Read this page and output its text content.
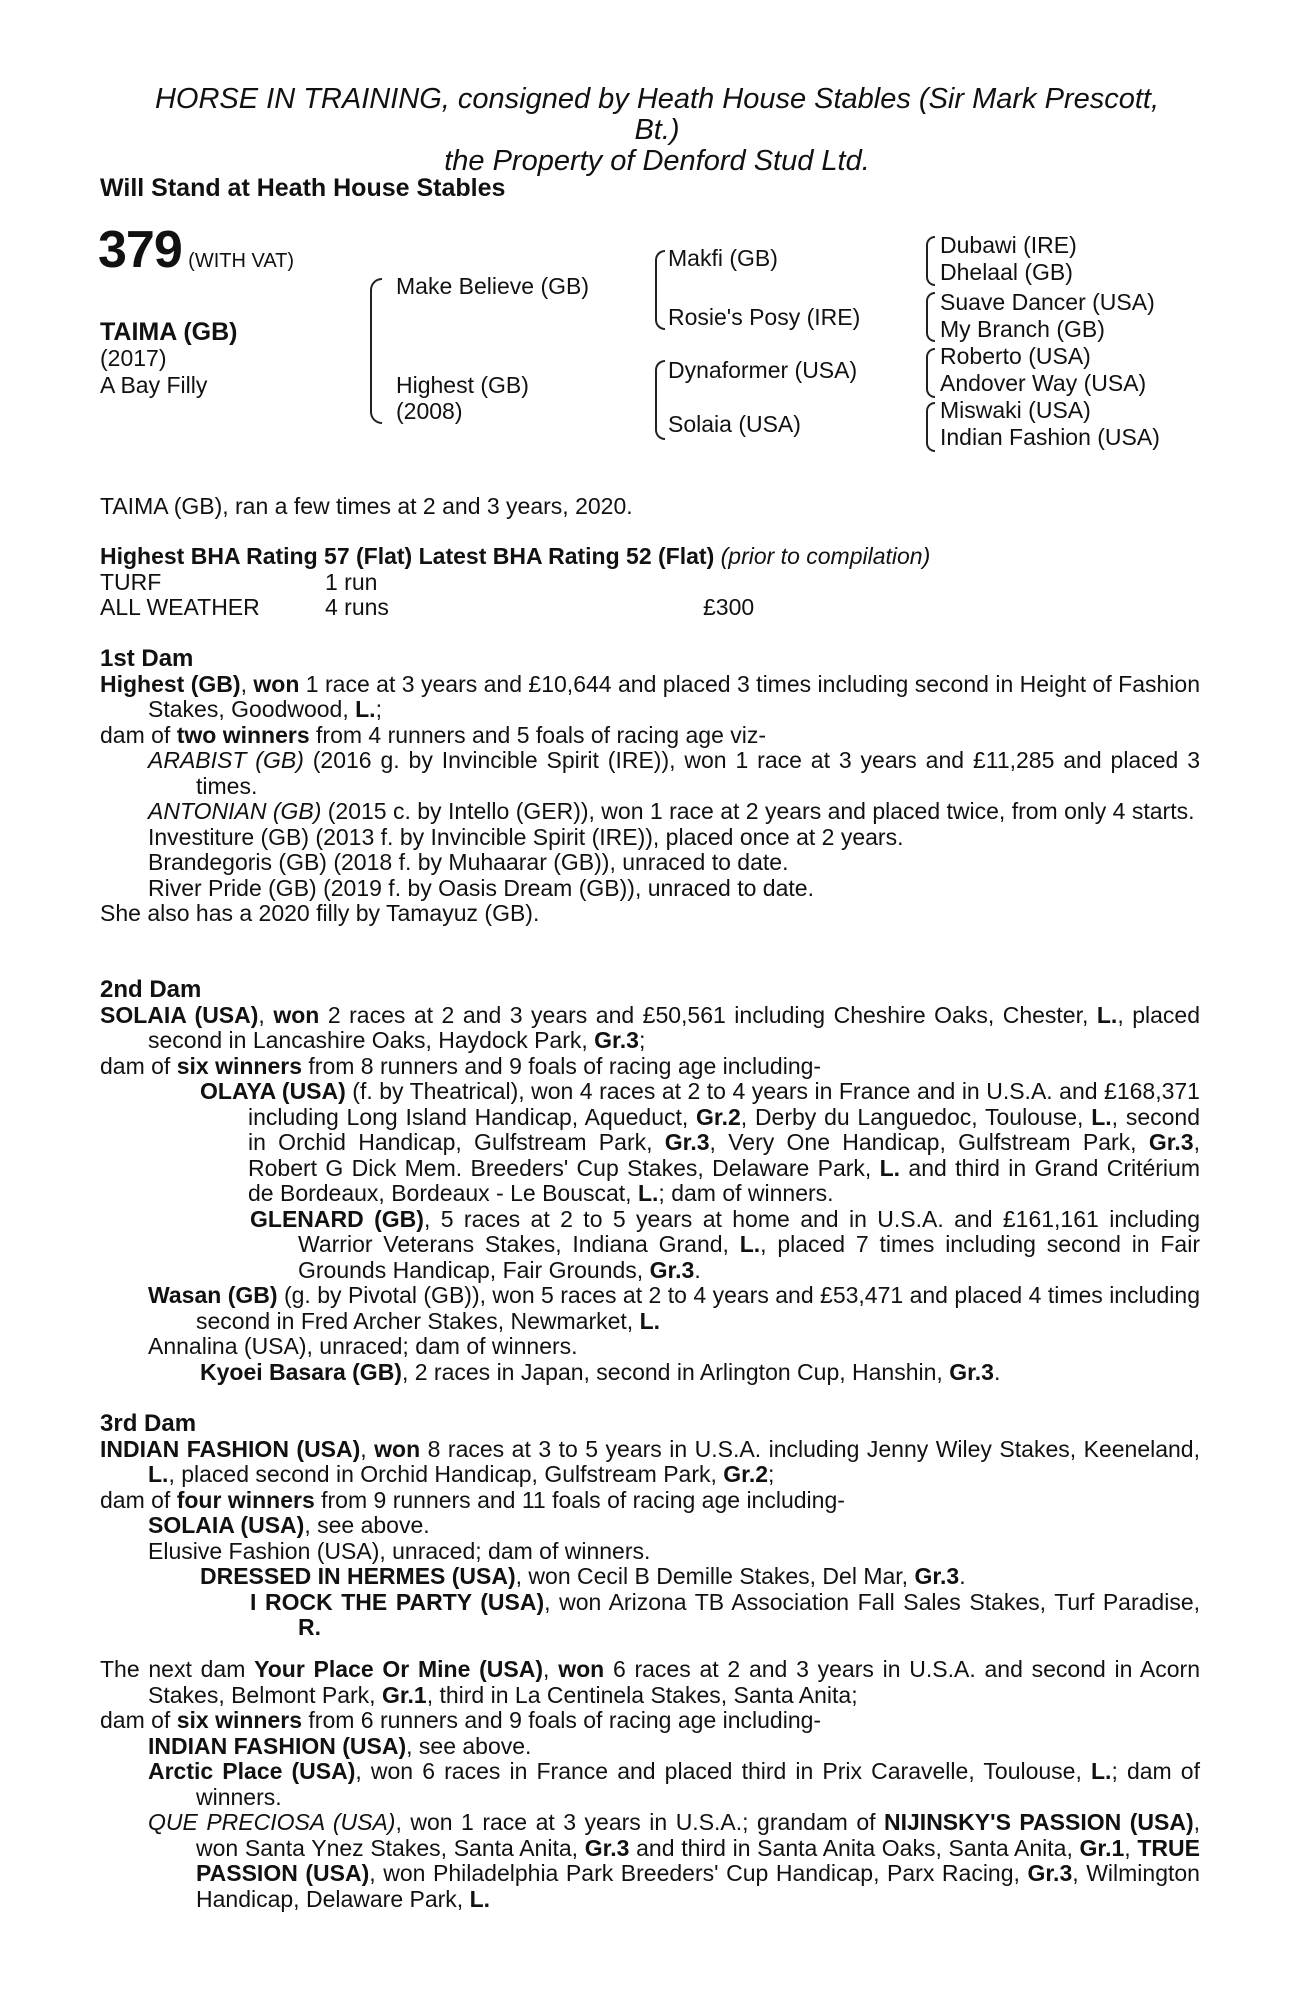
HORSE IN TRAINING, consigned by Heath House Stables (Sir Mark Prescott,
Bt.)
the Property of Denford Stud Ltd.
Will Stand at Heath House Stables
379 (WITH VAT)
TAIMA (GB)
(2017)
A Bay Filly
Make Believe (GB)
Highest (GB)
(2008)
Makfi (GB)
Rosie's Posy (IRE)
Dynaformer (USA)
Solaia (USA)
Dubawi (IRE)
Dhelaal (GB)
Suave Dancer (USA)
My Branch (GB)
Roberto (USA)
Andover Way (USA)
Miswaki (USA)
Indian Fashion (USA)
TAIMA (GB), ran a few times at 2 and 3 years, 2020.
Highest BHA Rating 57 (Flat) Latest BHA Rating 52 (Flat) (prior to compilation)
TURF	1 run
ALL WEATHER	4 runs	£300
1st Dam

Highest (GB), won 1 race at 3 years and £10,644 and placed 3 times including second in Height of Fashion Stakes, Goodwood, L.;

dam of two winners from 4 runners and 5 foals of racing age viz-

ARABIST (GB) (2016 g. by Invincible Spirit (IRE)), won 1 race at 3 years and £11,285 and placed 3 times.

ANTONIAN (GB) (2015 c. by Intello (GER)), won 1 race at 2 years and placed twice, from only 4 starts.

Investiture (GB) (2013 f. by Invincible Spirit (IRE)), placed once at 2 years.

Brandegoris (GB) (2018 f. by Muhaarar (GB)), unraced to date.

River Pride (GB) (2019 f. by Oasis Dream (GB)), unraced to date.

She also has a 2020 filly by Tamayuz (GB).

2nd Dam

SOLAIA (USA), won 2 races at 2 and 3 years and £50,561 including Cheshire Oaks, Chester, L., placed second in Lancashire Oaks, Haydock Park, Gr.3;

dam of six winners from 8 runners and 9 foals of racing age including-

OLAYA (USA) (f. by Theatrical), won 4 races at 2 to 4 years in France and in U.S.A. and £168,371 including Long Island Handicap, Aqueduct, Gr.2, Derby du Languedoc, Toulouse, L., second in Orchid Handicap, Gulfstream Park, Gr.3, Very One Handicap, Gulfstream Park, Gr.3, Robert G Dick Mem. Breeders' Cup Stakes, Delaware Park, L. and third in Grand Critérium de Bordeaux, Bordeaux - Le Bouscat, L.; dam of winners.

GLENARD (GB), 5 races at 2 to 5 years at home and in U.S.A. and £161,161 including Warrior Veterans Stakes, Indiana Grand, L., placed 7 times including second in Fair Grounds Handicap, Fair Grounds, Gr.3.

Wasan (GB) (g. by Pivotal (GB)), won 5 races at 2 to 4 years and £53,471 and placed 4 times including second in Fred Archer Stakes, Newmarket, L.

Annalina (USA), unraced; dam of winners.

Kyoei Basara (GB), 2 races in Japan, second in Arlington Cup, Hanshin, Gr.3.

3rd Dam

INDIAN FASHION (USA), won 8 races at 3 to 5 years in U.S.A. including Jenny Wiley Stakes, Keeneland, L., placed second in Orchid Handicap, Gulfstream Park, Gr.2;

dam of four winners from 9 runners and 11 foals of racing age including-

SOLAIA (USA), see above.

Elusive Fashion (USA), unraced; dam of winners.

DRESSED IN HERMES (USA), won Cecil B Demille Stakes, Del Mar, Gr.3.

I ROCK THE PARTY (USA), won Arizona TB Association Fall Sales Stakes, Turf Paradise, R.

The next dam Your Place Or Mine (USA), won 6 races at 2 and 3 years in U.S.A. and second in Acorn Stakes, Belmont Park, Gr.1, third in La Centinela Stakes, Santa Anita;

dam of six winners from 6 runners and 9 foals of racing age including-

INDIAN FASHION (USA), see above.

Arctic Place (USA), won 6 races in France and placed third in Prix Caravelle, Toulouse, L.; dam of winners.

QUE PRECIOSA (USA), won 1 race at 3 years in U.S.A.; grandam of NIJINSKY'S PASSION (USA), won Santa Ynez Stakes, Santa Anita, Gr.3 and third in Santa Anita Oaks, Santa Anita, Gr.1, TRUE PASSION (USA), won Philadelphia Park Breeders' Cup Handicap, Parx Racing, Gr.3, Wilmington Handicap, Delaware Park, L.
